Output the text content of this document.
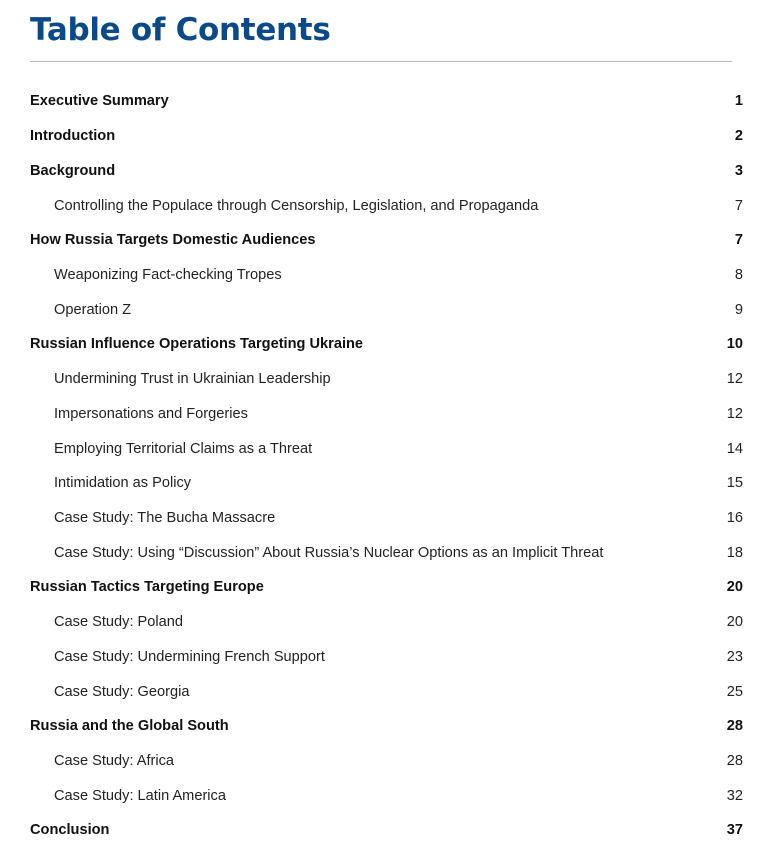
Table of Contents
Executive Summary	1
Introduction	2
Background	3
Controlling the Populace through Censorship, Legislation, and Propaganda	7
How Russia Targets Domestic Audiences	7
Weaponizing Fact-checking Tropes	8
Operation Z	9
Russian Influence Operations Targeting Ukraine	10
Undermining Trust in Ukrainian Leadership	12
Impersonations and Forgeries	12
Employing Territorial Claims as a Threat	14
Intimidation as Policy	15
Case Study: The Bucha Massacre	16
Case Study: Using “Discussion” About Russia’s Nuclear Options as an Implicit Threat	18
Russian Tactics Targeting Europe	20
Case Study: Poland	20
Case Study: Undermining French Support	23
Case Study: Georgia	25
Russia and the Global South	28
Case Study: Africa	28
Case Study: Latin America	32
Conclusion	37
